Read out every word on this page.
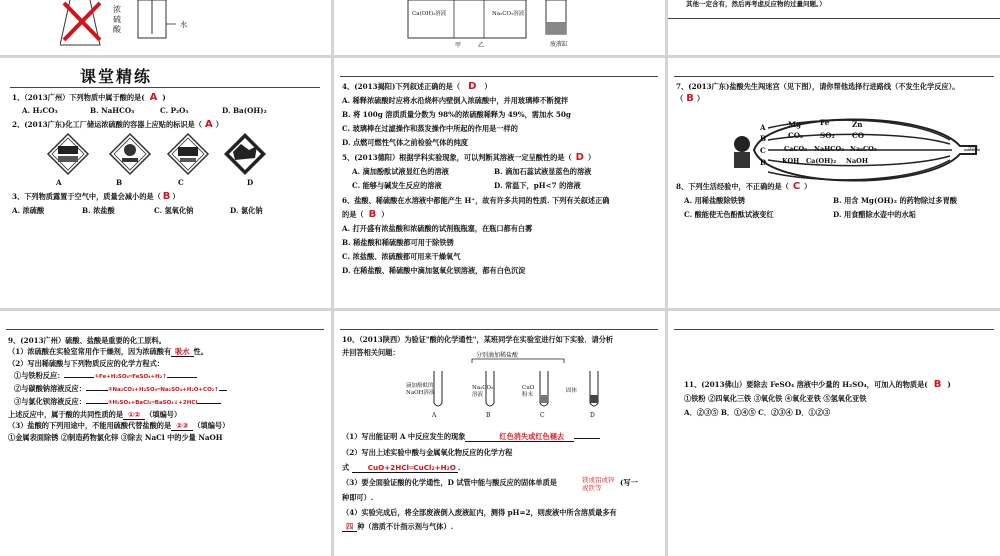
浓硫酸
水
Ca(OH)₂溶液	Na₂CO₃溶液
甲	乙	废液缸
其他一定含有，然后再考虑反应物的过量问题。）
课堂精练
1、（2013广州）下列物质中属于酸的是( A )
A. H₂CO₃	B. NaHCO₃	C. P₂O₅	D. Ba(OH)₂
2、(2013广东)化工厂储运浓硫酸的容器上应贴的标识是（ A ）
A	B	C	D
3、下列物质露置于空气中，质量会减小的是（ B ）
A. 浓硫酸	B. 浓盐酸	C. 氢氧化钠	D. 氯化钠
4、(2013揭阳)下列叙述正确的是（ D ）
A. 稀释浓硫酸时应将水沿烧杯内壁倒入浓硫酸中，并用玻璃棒不断搅拌
B. 将 100g 溶质质量分数为 98%的浓硫酸稀释为 49%，需加水 50g
C. 玻璃棒在过滤操作和蒸发操作中所起的作用是一样的
D. 点燃可燃性气体之前检验气体的纯度
5、(2013德阳）根据学科实验现象，可以判断其溶液一定呈酸性的是（ D ）
A. 滴加酚酞试液显红色的溶液	B. 滴加石蕊试液显蓝色的溶液
C. 能够与碱发生反应的溶液	D. 常温下，pH<7 的溶液
6、盐酸、稀硫酸在水溶液中都能产生 H⁺，故有许多共同的性质. 下列有关叙述正确
的是（ B ）
A. 打开盛有浓盐酸和浓硫酸的试剂瓶瓶塞，在瓶口都有白雾
B. 稀盐酸和稀硫酸都可用于除铁锈
C. 浓盐酸、浓硫酸都可用来干燥氧气
D. 在稀盐酸、稀硫酸中滴加氢氧化钡溶液，都有白色沉淀
7、(2013广东)盐酸先生闯迷宫（见下图），请你帮他选择行进路线（不发生化学反应）。
（ B ）
A	Mg	Fe	Zn
B	CO₂ SO₂ CO
C	CaCO₃ NaHCO₃ Na₂CO₃
D KOH Ca(OH)₂ NaOH
出口
8、下列生活经验中，不正确的是（ C ）
A. 用稀盐酸除铁锈	B. 用含 Mg(OH)₂ 的药物除过多胃酸
C. 酸能使无色酚酞试液变红	D. 用食醋除水壶中的水垢
9、(2013广州）硫酸、盐酸是重要的化工原料。
（1）浓硫酸在实验室常用作干燥剂，因为浓硫酸有 吸水 性。
（2）写出稀硫酸与下列物质反应的化学方程式：
①与铁粉反应：	①Fe+H₂SO₄═FeSO₄+H₂↑
②与碳酸钠溶液反应：	②Na₂CO₃+H₂SO₄═Na₂SO₄+H₂O+CO₂↑
③与氯化钡溶液反应：	③H₂SO₄+BaCl₂═BaSO₄↓+2HCl
上述反应中，属于酸的共同性质的是 ①② （填编号）
（3）盐酸的下列用途中，不能用硫酸代替盐酸的是 ②③ （填编号）
①金属表面除锈 ②制造药物氯化锌 ③除去 NaCl 中的少量 NaOH
10、（2013陕西）为验证"酸的化学通性"，某班同学在实验室进行如下实验．请分析
并回答相关问题：	分别滴加稀盐酸
滴加酚酞的NaOH溶液
Na₂CO₃溶液
CuO粉末
固体
A	B	C	D
（1）写出能证明 A 中反应发生的现象	红色消失或红色褪去
（2）写出上述实验中酸与金属氧化物反应的化学方程
式	CuO+2HCl═CuCl₂+H₂O .
（3）要全面验证酸的化学通性，D 试管中能与酸反应的固体单质是	镁或铝或锌或铁等
(写一
种即可）.
（4）实验完成后，将全部废液倒入废液缸内，测得 pH=2，则废液中所含溶质最多有
四 种（溶质不计指示剂与气体）.
11、(2013佛山）要除去 FeSO₄ 溶液中少量的 H₂SO₄，可加入的物质是( B )
①铁粉 ②四氧化三铁 ③氧化铁 ④氧化亚铁 ⑤氢氧化亚铁
A．②③⑤ B．①④⑤ C．②③④ D．①②③
